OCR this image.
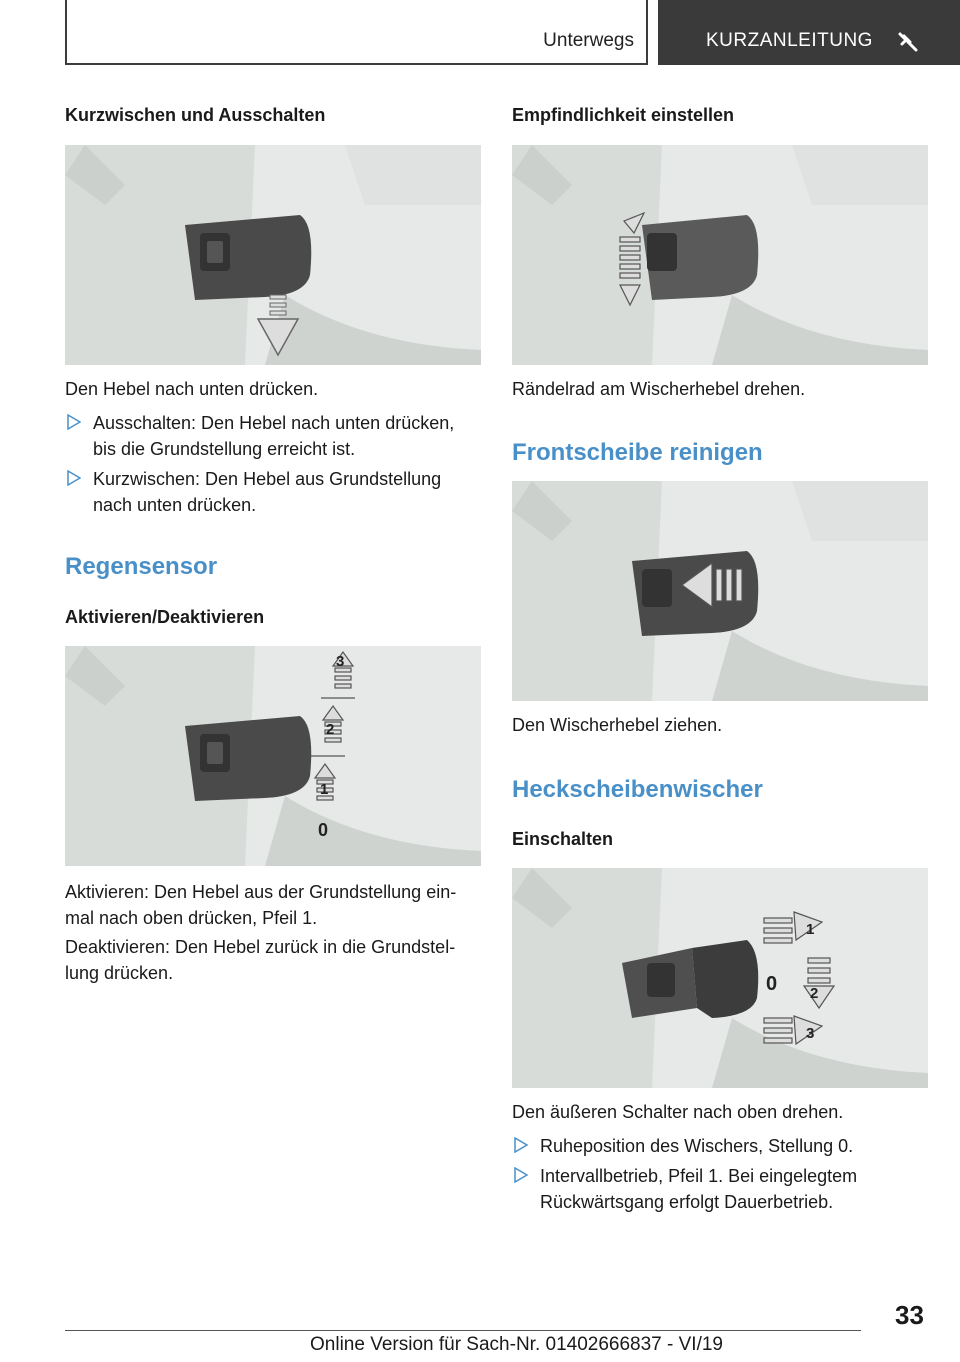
Unterwegs	KURZANLEITUNG
Kurzwischen und Ausschalten
Den Hebel nach unten drücken.
Ausschalten: Den Hebel nach unten drücken, bis die Grundstellung erreicht ist.
Kurzwischen: Den Hebel aus Grundstellung nach unten drücken.
Regensensor
Aktivieren/Deaktivieren
3
2
1
0
Aktivieren: Den Hebel aus der Grundstellung ein-mal nach oben drücken, Pfeil 1.
Deaktivieren: Den Hebel zurück in die Grundstel-lung drücken.
Empfindlichkeit einstellen
Rändelrad am Wischerhebel drehen.
Frontscheibe reinigen
Den Wischerhebel ziehen.
Heckscheibenwischer
Einschalten
1
0 2
3
Den äußeren Schalter nach oben drehen.
Ruheposition des Wischers, Stellung 0.
Intervallbetrieb, Pfeil 1. Bei eingelegtem Rückwärtsgang erfolgt Dauerbetrieb.
33
Online Version für Sach-Nr. 01402666837 - VI/19
